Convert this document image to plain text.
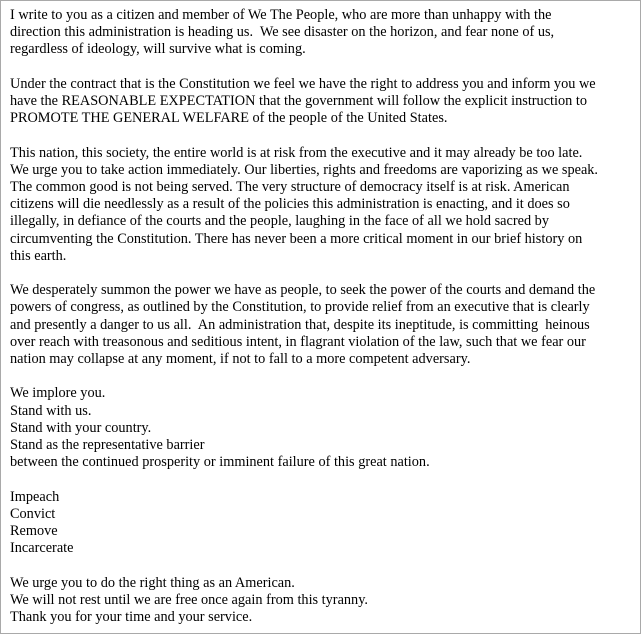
I write to you as a citizen and member of We The People, who are more than unhappy with the
direction this administration is heading us.  We see disaster on the horizon, and fear none of us,
regardless of ideology, will survive what is coming.

Under the contract that is the Constitution we feel we have the right to address you and inform you we
have the REASONABLE EXPECTATION that the government will follow the explicit instruction to
PROMOTE THE GENERAL WELFARE of the people of the United States.

This nation, this society, the entire world is at risk from the executive and it may already be too late.
We urge you to take action immediately. Our liberties, rights and freedoms are vaporizing as we speak.
The common good is not being served. The very structure of democracy itself is at risk. American
citizens will die needlessly as a result of the policies this administration is enacting, and it does so
illegally, in defiance of the courts and the people, laughing in the face of all we hold sacred by
circumventing the Constitution. There has never been a more critical moment in our brief history on
this earth.

We desperately summon the power we have as people, to seek the power of the courts and demand the
powers of congress, as outlined by the Constitution, to provide relief from an executive that is clearly
and presently a danger to us all.  An administration that, despite its ineptitude, is committing  heinous
over reach with treasonous and seditious intent, in flagrant violation of the law, such that we fear our
nation may collapse at any moment, if not to fall to a more competent adversary.

We implore you.
Stand with us.
Stand with your country.
Stand as the representative barrier
between the continued prosperity or imminent failure of this great nation.

Impeach
Convict
Remove
Incarcerate

We urge you to do the right thing as an American.
We will not rest until we are free once again from this tyranny.
Thank you for your time and your service.
